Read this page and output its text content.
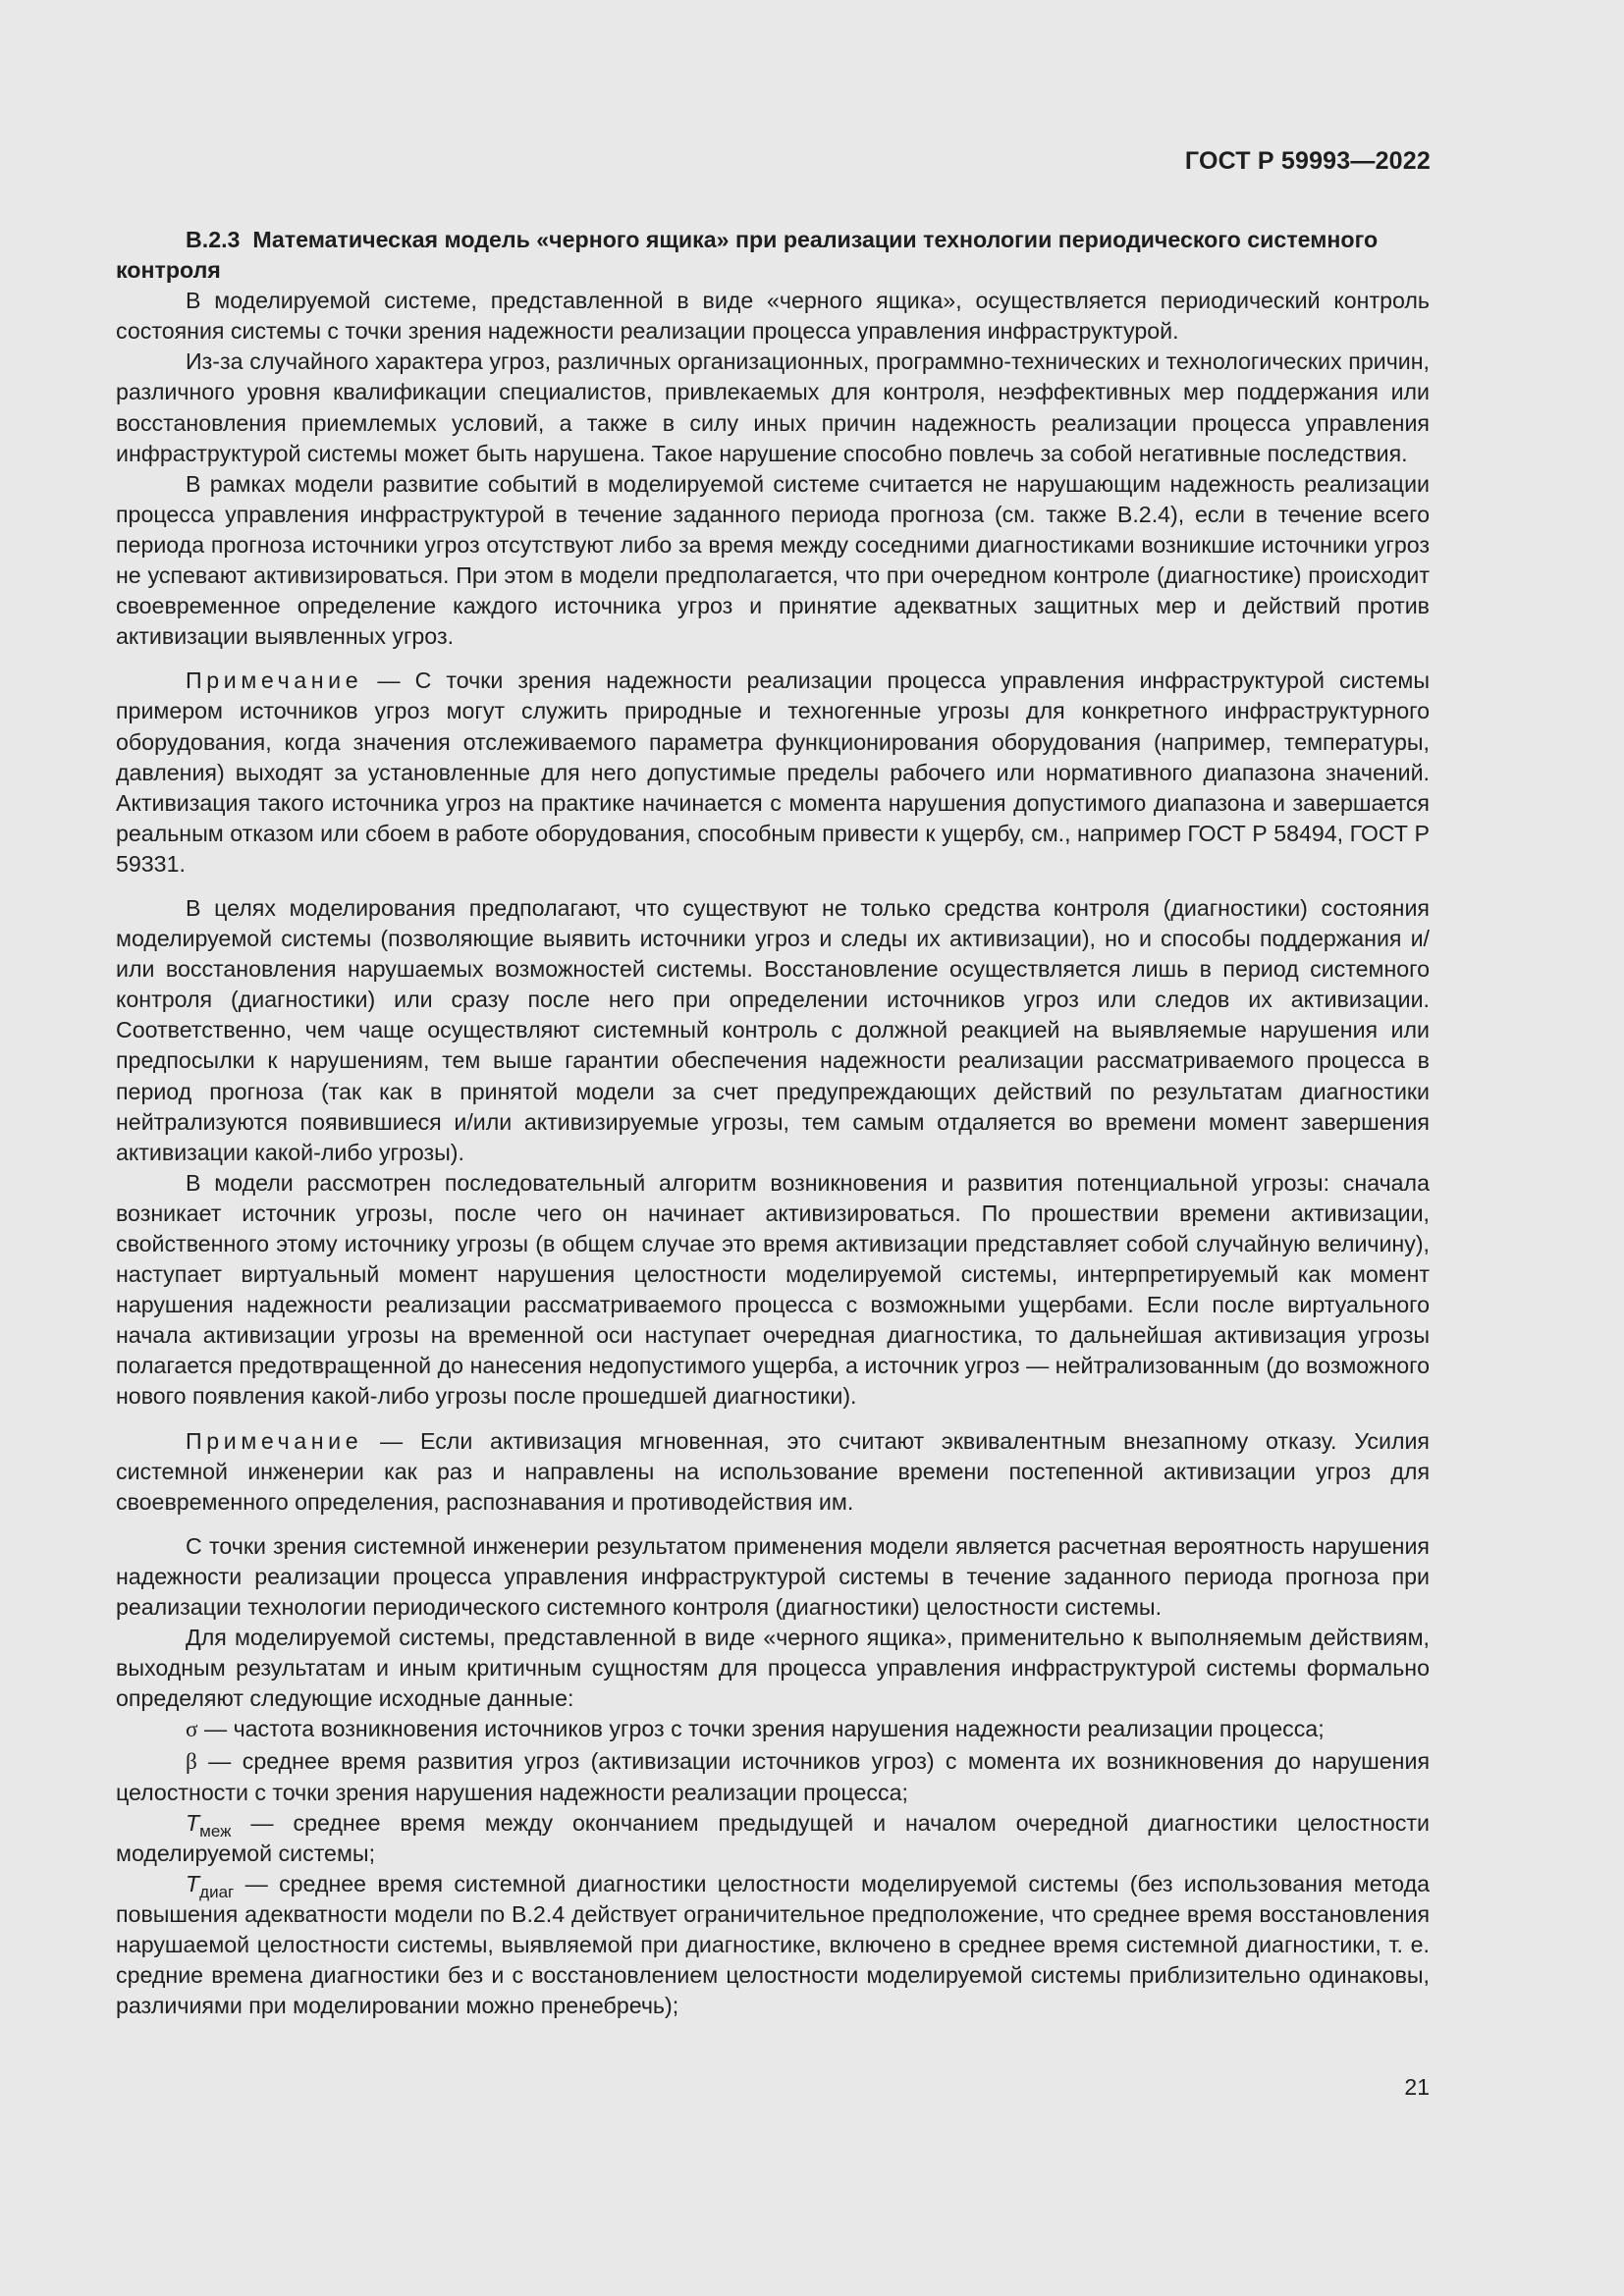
ГОСТ Р 59993—2022

В.2.3 Математическая модель «черного ящика» при реализации технологии периодического системного контроля

В моделируемой системе, представленной в виде «черного ящика», осуществляется периодический контроль состояния системы с точки зрения надежности реализации процесса управления инфраструктурой.

Из-за случайного характера угроз, различных организационных, программно-технических и технологических причин, различного уровня квалификации специалистов, привлекаемых для контроля, неэффективных мер поддержания или восстановления приемлемых условий, а также в силу иных причин надежность реализации процесса управления инфраструктурой системы может быть нарушена. Такое нарушение способно повлечь за собой негативные последствия.

В рамках модели развитие событий в моделируемой системе считается не нарушающим надежность реализации процесса управления инфраструктурой в течение заданного периода прогноза (см. также В.2.4), если в течение всего периода прогноза источники угроз отсутствуют либо за время между соседними диагностиками возникшие источники угроз не успевают активизироваться. При этом в модели предполагается, что при очередном контроле (диагностике) происходит своевременное определение каждого источника угроз и принятие адекватных защитных мер и действий против активизации выявленных угроз.

Примечание — С точки зрения надежности реализации процесса управления инфраструктурой системы примером источников угроз могут служить природные и техногенные угрозы для конкретного инфраструктурного оборудования, когда значения отслеживаемого параметра функционирования оборудования (например, температуры, давления) выходят за установленные для него допустимые пределы рабочего или нормативного диапазона значений. Активизация такого источника угроз на практике начинается с момента нарушения допустимого диапазона и завершается реальным отказом или сбоем в работе оборудования, способным привести к ущербу, см., например ГОСТ Р 58494, ГОСТ Р 59331.

В целях моделирования предполагают, что существуют не только средства контроля (диагностики) состояния моделируемой системы (позволяющие выявить источники угроз и следы их активизации), но и способы поддержания и/или восстановления нарушаемых возможностей системы. Восстановление осуществляется лишь в период системного контроля (диагностики) или сразу после него при определении источников угроз или следов их активизации. Соответственно, чем чаще осуществляют системный контроль с должной реакцией на выявляемые нарушения или предпосылки к нарушениям, тем выше гарантии обеспечения надежности реализации рассматриваемого процесса в период прогноза (так как в принятой модели за счет предупреждающих действий по результатам диагностики нейтрализуются появившиеся и/или активизируемые угрозы, тем самым отдаляется во времени момент завершения активизации какой-либо угрозы).

В модели рассмотрен последовательный алгоритм возникновения и развития потенциальной угрозы: сначала возникает источник угрозы, после чего он начинает активизироваться. По прошествии времени активизации, свойственного этому источнику угрозы (в общем случае это время активизации представляет собой случайную величину), наступает виртуальный момент нарушения целостности моделируемой системы, интерпретируемый как момент нарушения надежности реализации рассматриваемого процесса с возможными ущербами. Если после виртуального начала активизации угрозы на временной оси наступает очередная диагностика, то дальнейшая активизация угрозы полагается предотвращенной до нанесения недопустимого ущерба, а источник угроз — нейтрализованным (до возможного нового появления какой-либо угрозы после прошедшей диагностики).

Примечание — Если активизация мгновенная, это считают эквивалентным внезапному отказу. Усилия системной инженерии как раз и направлены на использование времени постепенной активизации угроз для своевременного определения, распознавания и противодействия им.

С точки зрения системной инженерии результатом применения модели является расчетная вероятность нарушения надежности реализации процесса управления инфраструктурой системы в течение заданного периода прогноза при реализации технологии периодического системного контроля (диагностики) целостности системы.

Для моделируемой системы, представленной в виде «черного ящика», применительно к выполняемым действиям, выходным результатам и иным критичным сущностям для процесса управления инфраструктурой системы формально определяют следующие исходные данные:

σ — частота возникновения источников угроз с точки зрения нарушения надежности реализации процесса;

β — среднее время развития угроз (активизации источников угроз) с момента их возникновения до нарушения целостности с точки зрения нарушения надежности реализации процесса;

$T_{меж}$ — среднее время между окончанием предыдущей и началом очередной диагностики целостности моделируемой системы;

$T_{диаг}$ — среднее время системной диагностики целостности моделируемой системы (без использования метода повышения адекватности модели по В.2.4 действует ограничительное предположение, что среднее время восстановления нарушаемой целостности системы, выявляемой при диагностике, включено в среднее время системной диагностики, т. е. средние времена диагностики без и с восстановлением целостности моделируемой системы приблизительно одинаковы, различиями при моделировании можно пренебречь);

21
